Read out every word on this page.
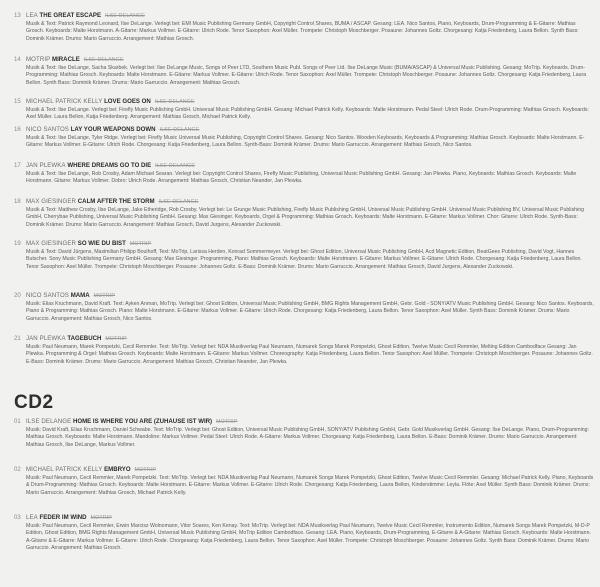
13 LEA THE GREAT ESCAPE ILSE DELANGE
Musik & Text: Patrick Raymond Leonard, Ilse DeLange. Verlegt bei: EMI Music Publishing Germany GmbH, Copyright Control Shares, BUMA / ASCAP. Gesang: LEA. Nico Santos, Piano, Keyboards, Drum-Programming & E-Gitarre: Mathias Grosch. Keyboards: Malte Horstmann. A-Gitarre: Markus Vollmer. E-Gitarre: Ulrich Rode. Tenor Saxophon: Axel Müller. Trompete: Christoph Moschberger. Posaune: Johannes Goltz. Chorgesang: Katja Friedenberg, Laura Bellon. Synth Bass: Dominik Krämer. Drums: Mario Garruccio. Arrangement: Mathias Grosch.
14 MOTRIP MIRACLE ILSE DELANGE
Musik & Text: Ilse DeLange, Sacha Skarbek. Verlegt bei: Ilse DeLange Music, Songs of Peer LTD, Southern Music Publ. Songs of Peer Ltd. Ilse DeLange Music (BUMA/ASCAP) & Universal Music Publishing. Gesang: MoTrip. Keyboards. Drum-Programming: Mathias Grosch. Keyboards: Malte Horstmann. E-Gitarre: Markus Vollmer. E-Gitarre: Ulrich Rode. Tenor Saxophon: Axel Müller. Trompete: Christoph Moschberger. Posaune: Johannes Goltz. Chorgesang: Katja Friedenberg, Laura Bellon. Synth Bass: Dominik Krämer. Drums: Mario Garruccio. Arrangement: Mathias Grosch.
15 MICHAEL PATRICK KELLY LOVE GOES ON ILSE DELANGE
Musik & Text: Ilse DeLange. Verlegt bei: Firefly Music Publishing GmbH. Universal Music Publishing GmbH. Gesang: Michael Patrick Kelly. Keyboards: Malte Horstmann. Pedal Steel: Ulrich Rode. Drum-Programming: Mathias Grosch. Keyboards: Axel Müller. Laura Bellon, Katja Friedenberg. Arrangement: Mathias Grosch, Michael Patrick Kelly.
16 NICO SANTOS LAY YOUR WEAPONS DOWN ILSE DELANGE
Musik & Text: Ilse DeLange, Tyler Ridge. Verlegt bei: Firefly Music Universal Music Publishing, Copyright Control Shares. Gesang: Nico Santos. Wooden Keyboards, Keyboards & Programming: Mathias Grosch. Keyboards: Malte Horstmann. E-Gitarre: Markus Vollmer. E-Gitarre: Ulrich Rode. Chorgesang: Katja Friedenberg, Laura Bellon. Synth-Bass: Dominik Krämer. Drums: Mario Garruccio. Arrangement: Mathias Grosch, Nico Santos.
17 JAN PLEWKA WHERE DREAMS GO TO DIE ILSE DELANGE
Musik & Text: Ilse DeLange, Rob Crosby, Adam Michael Searan. Verlegt bei: Copyright Control Shares, Firefly Music Publishing, Universal Music Publishing GmbH. Gesang: Jan Plewka. Piano, Keyboards: Mathias Grosch. Keyboards: Malte Horstmann. Gitarre: Markus Vollmer. Dobro: Ulrich Rode. Arrangement: Mathias Grosch, Christian Neander, Jan Plewka.
18 MAX GIESINGER CALM AFTER THE STORM ILSE DELANGE
Musik & Text: Matthew Crosby, Ilse DeLange, Jake Etheridge, Rob Crosby. Verlegt bei: Le Grunge Music Publishing, Firefly Music Publishing GmbH, Universal Music Publishing GmbH. Universal Music Publishing BV, Universal Music Publishing GmbH, Cherrybae Publishing, Universal Music Publishing GmbH. Gesang: Max Giesinger. Keyboards, Orgel & Programming: Mathias Grosch. Keyboards: Malte Horstmann. E-Gitarre: Markus Vollmer. Chor: Gitarre: Ulrich Rode. Synth-Bass: Dominik Krämer. Drums: Mario Garruccio. Arrangement: Mathias Grosch, David Jurgens, Alexander Zuckowski.
19 MAX GIESINGER SO WIE DU BIST MOTRIP
Musik & Text: David Jürgens, Maximilian Philipp Boulhoff, Text: MoTrip, Larissa Herden, Konrad Sommermeyer. Verlegt bei: Ghost Edition, Universal Music Publishing GmbH, Acd Magnetic Edition, BeatGees Publishing, David Vogt, Hannes Butscher. Sony Music Publishing Germany GmbH. Gesang: Max Giesinger. Programming, Piano: Mathias Grosch. Keyboards: Malte Horstmann. E-Gitarre: Markus Vollmer. E-Gitarre: Ulrich Rode. Chorgesang: Katja Friedenberg, Laura Bellon. Tenor Saxophon: Axel Müller. Trompete: Christoph Moschberger. Posaune: Johannes Goltz. E-Bass: Dominik Krämer. Drums: Mario Garruccio. Arrangement: Mathias Grosch, David Jurgens, Alexander Zuckowski.
20 NICO SANTOS MAMA MOTRIP
Musik: Elias Kruchmann, David Kraft. Text: Ayken Anman, MoTrip. Verlegt bei: Ghost Edition, Universal Music Publishing GmbH, BMG Rights Management GmbH, Gebr. Gold - SONY/ATV Music Publishing GmbH. Gesang: Nico Santos. Keyboards, Piano & Programming: Mathias Grosch. Piano: Malte Horstmann. E-Gitarre: Markus Vollmer. E-Gitarre: Ulrich Rode. Chorgesang: Katja Friedenberg, Laura Bellon. Tenor Saxophon: Axel Müller. Synth Bass: Dominik Krämer. Drums: Mario Garruccio. Arrangement: Mathias Grosch, Nico Santos.
21 JAN PLEWKA TAGEBUCH MOTRIP
Musik: Paul Neumann, Marek Pompetzki, Cecil Remmler. Text: MoTrip. Verlegt bei: NDA Musikverlag Paul Neumann, Numarek Songs Marek Pompetzki, Ghost Edition, Twelve Music Cecil Remmler, Melting Edition Cambodface Gesang: Jan Plewka. Programming & Orgel: Mathias Grosch. Keyboards: Malte Horstmann. E-Gitarre: Markus Vollmer. Choreography: Katja Friedenberg, Laura Bellon. Tenor Saxophon: Axel Müller. Trompete: Christoph Moschberger. Posaune: Johannes Goltz. E-Bass: Dominik Krämer. Drums: Mario Garruccio. Arrangement: Mathias Grosch, Christian Neander, Jan Plewka.
CD2
01 ILSE DELANGE HOME IS WHERE YOU ARE (ZUHAUSE IST WIR) MOTRIP
Musik: David Kraft, Elias Kruchmann, Daniel Schwabe. Text: MoTrip. Verlegt bei: Ghost Edition, Universal Music Publishing GmbH, SONY/ATV Publishing GmbH, Gebr. Gold Musikverlag GmbH. Gesang: Ilse DeLange. Piano, Drum-Programming: Mathias Grosch. Keyboards: Malte Horstmann. Mandoline: Markus Vollmer. Pedal Steel: Ulrich Rode. A-Gitarre: Markus Vollmer. Chorgesang: Katja Friedenberg, Laura Bellon. E-Bass: Dominik Krämer. Drums: Mario Garruccio. Arrangement: Mathias Grosch, Ilse DeLange, Markus Vollmer.
02 MICHAEL PATRICK KELLY EMBRYO MOTRIP
Musik: Paul Neumann, Cecil Remmler, Marek Pompetzki. Text: MoTrip. Verlegt bei: NDA Musikverlag Paul Neumann, Numarek Songs Marek Pompetzki, Ghost Edition, Twelve Music Cecil Remmler. Gesang: Michael Patrick Kelly. Piano, Keyboards & Drum-Programming: Mathias Grosch. Keyboards: Malte Horstmann. E-Gitarre: Markus Vollmer. E-Gitarre: Ulrich Rode. Chorgesang: Katja Friedenberg, Laura Bellon, Kinderstimme: Leyla. Flöte: Axel Müller. Synth Bass: Dominik Krämer. Drums: Mario Garruccio. Arrangement: Mathias Grosch, Michael Patrick Kelly.
03 LEA FEDER IM WIND MOTRIP
Musik: Paul Neumann, Cecil Remmler, Erwin Marcisz Wolnomann, Vitor Soares, Ken Kenay. Text: MoTrip. Verlegt bei: NDA Musikverlag Paul Neumann, Twelve Music Cecil Remmler, Instrumento Edition, Numarek Songs Marek Pompetzki, M-D-P Edition, Ghost Edition, BMG Rights Management GmbH, Universal Music Publishing GmbH, MoTrip Edition Cambodface. Gesang: LEA. Piano, Keyboards, Drum-Programming, E-Gitarre & A-Gitarre: Mathias Grosch. Keyboards: Malte Horstmann. A-Gitarre & E-Gitarre: Markus Vollmer. E-Gitarre: Ulrich Rode. Chorgesang: Katja Friedenberg, Laura Bellon. Tenor Saxophon: Axel Müller. Trompete: Christoph Moschberger. Posaune: Johannes Goltz. Synth Bass: Dominik Krämer. Drums: Mario Garruccio. Arrangement: Mathias Grosch.
